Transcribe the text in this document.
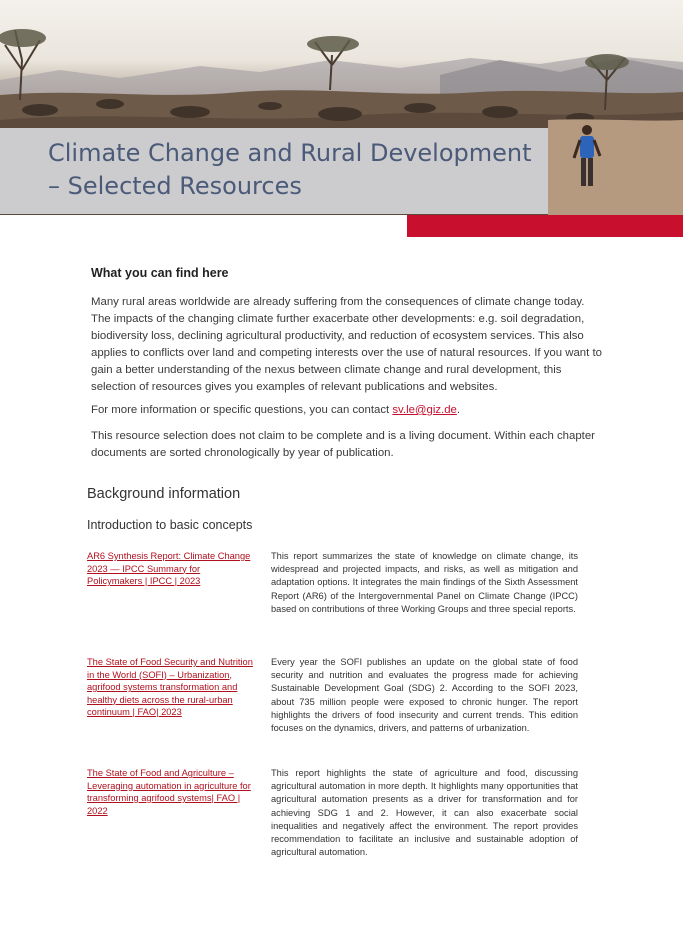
Climate Change and Rural Development
– Selected Resources
What you can find here

Many rural areas worldwide are already suffering from the consequences of climate change today. The impacts of the changing climate further exacerbate other developments: e.g. soil degradation, biodiversity loss, declining agricultural productivity, and reduction of ecosystem services. This also applies to conflicts over land and competing interests over the use of natural resources. If you want to gain a better understanding of the nexus between climate change and rural development, this selection of resources gives you examples of relevant publications and websites.

For more information or specific questions, you can contact sv.le@giz.de.

This resource selection does not claim to be complete and is a living document. Within each chapter documents are sorted chronologically by year of publication.

Background information
Introduction to basic concepts
AR6 Synthesis Report: Climate Change 2023 — IPCC Summary for Policymakers | IPCC | 2023

This report summarizes the state of knowledge on climate change, its widespread and projected impacts, and risks, as well as mitigation and adaptation options. It integrates the main findings of the Sixth Assessment Report (AR6) of the Intergovernmental Panel on Climate Change (IPCC) based on contributions of three Working Groups and three special reports.

The State of Food Security and Nutrition in the World (SOFI) – Urbanization, agrifood systems transformation and healthy diets across the rural-urban continuum | FAO| 2023

Every year the SOFI publishes an update on the global state of food security and nutrition and evaluates the progress made for achieving Sustainable Development Goal (SDG) 2. According to the SOFI 2023, about 735 million people were exposed to chronic hunger. The report highlights the drivers of food insecurity and current trends. This edition focuses on the dynamics, drivers, and patterns of urbanization.

The State of Food and Agriculture – Leveraging automation in agriculture for transforming agrifood systems| FAO | 2022

This report highlights the state of agriculture and food, discussing agricultural automation in more depth. It highlights many opportunities that agricultural automation presents as a driver for transformation and for achieving SDG 1 and 2. However, it can also exacerbate social inequalities and negatively affect the environment. The report provides recommendation to facilitate an inclusive and sustainable adoption of agricultural automation.
